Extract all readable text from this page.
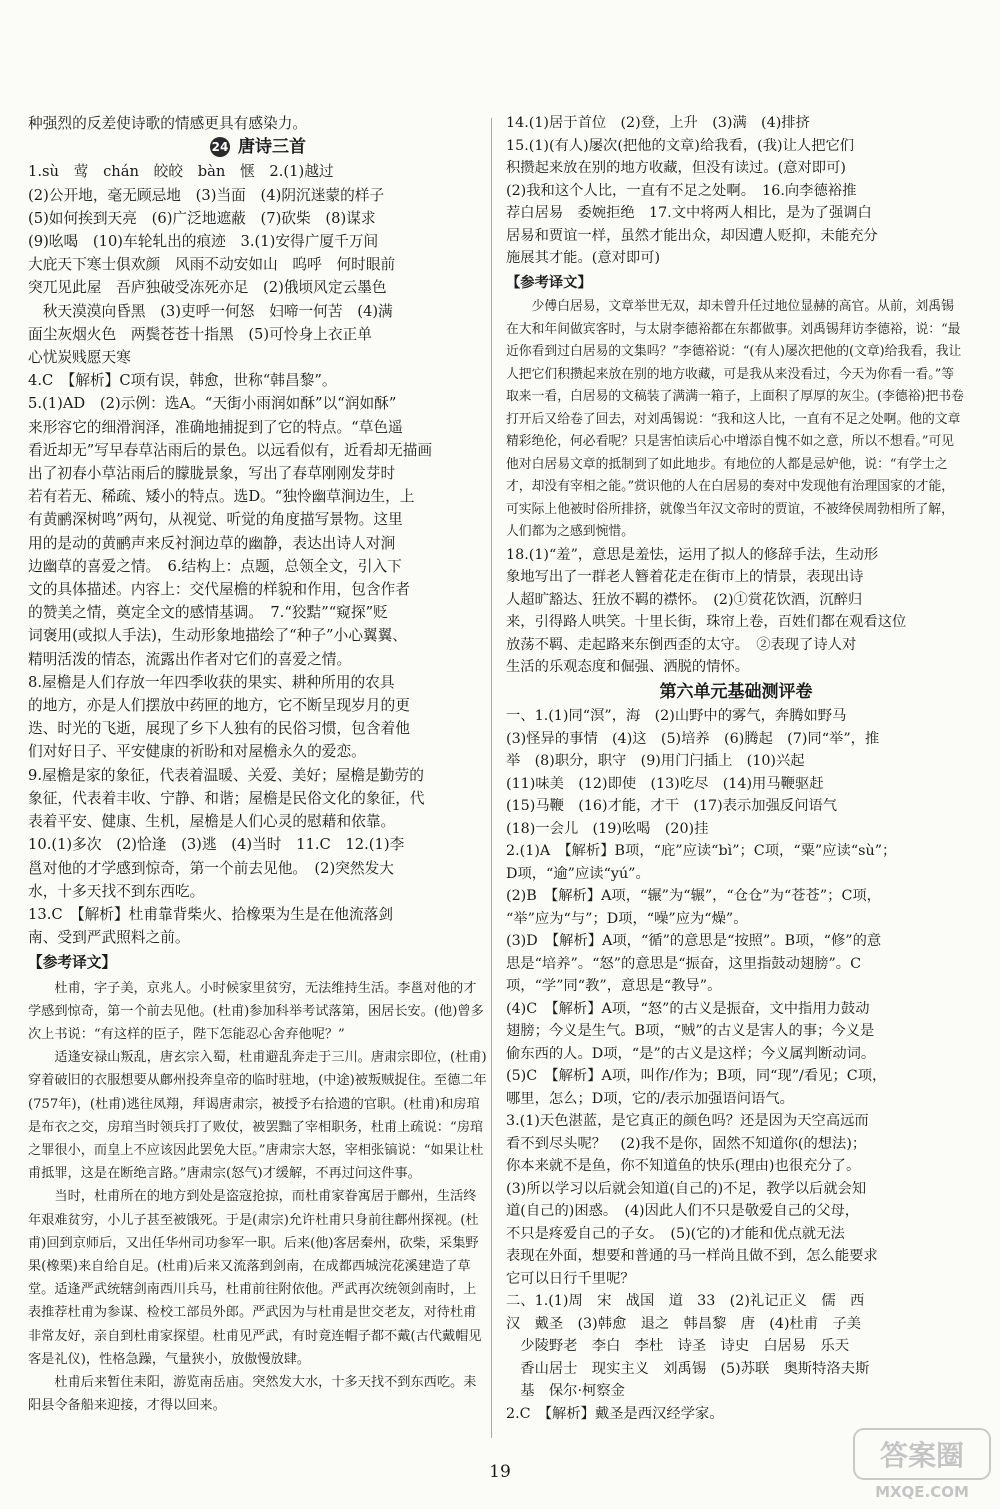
种强烈的反差使诗歌的情感更具有感染力。
24 唐诗三首
1.sù　莺　chán　皎皎　bàn　惬　2.(1)越过
(2)公开地，毫无顾忌地　(3)当面　(4)阴沉迷蒙的样子
(5)如何挨到天亮　(6)广泛地遮蔽　(7)砍柴　(8)谋求
(9)吆喝　(10)车轮轧出的痕迹　3.(1)安得广厦千万间
大庇天下寒士俱欢颜　风雨不动安如山　呜呼　何时眼前
突兀见此屋　吾庐独破受冻死亦足　(2)俄顷风定云墨色
　秋天漠漠向昏黑　(3)吏呼一何怒　妇啼一何苦　(4)满
面尘灰烟火色　两鬓苍苍十指黑　(5)可怜身上衣正单
心忧炭贱愿天寒
4.C　【解析】C项有误，韩愈，世称“韩昌黎”。
5.(1)AD　(2)示例：选A。“天街小雨润如酥”以“润如酥”
来形容它的细滑润泽，准确地捕捉到了它的特点。“草色遥
看近却无”写早春草沾雨后的景色。以远看似有，近看却无描画
出了初春小草沾雨后的朦胧景象，写出了春草刚刚发芽时
若有若无、稀疏、矮小的特点。选D。“独怜幽草涧边生，上
有黄鹂深树鸣”两句，从视觉、听觉的角度描写景物。这里
用的是动的黄鹂声来反衬涧边草的幽静，表达出诗人对涧
边幽草的喜爱之情。　6.结构上：点题，总领全文，引入下
文的具体描述。内容上：交代屋檐的样貌和作用，包含作者
的赞美之情，奠定全文的感情基调。　7.“狡黠”“窥探”贬
词褒用(或拟人手法)，生动形象地描绘了“种子”小心翼翼、
精明活泼的情态，流露出作者对它们的喜爱之情。
8.屋檐是人们存放一年四季收获的果实、耕种所用的农具
的地方，亦是人们摆放中药匣的地方，它不断呈现岁月的更
迭、时光的飞逝，展现了乡下人独有的民俗习惯，包含着他
们对好日子、平安健康的祈盼和对屋檐永久的爱恋。
9.屋檐是家的象征，代表着温暖、关爱、美好；屋檐是勤劳的
象征，代表着丰收、宁静、和谐；屋檐是民俗文化的象征，代
表着平安、健康、生机，屋檐是人们心灵的慰藉和依靠。
10.(1)多次　(2)恰逢　(3)逃　(4)当时　11.C　12.(1)李
邕对他的才学感到惊奇，第一个前去见他。　(2)突然发大
水，十多天找不到东西吃。
13.C　【解析】杜甫靠背柴火、拾橡栗为生是在他流落剑
南、受到严武照料之前。
【参考译文】
杜甫，字子美，京兆人。小时候家里贫穷，无法维持生活。李邕对他的才学感到惊奇，第一个前去见他。(杜甫)参加科举考试落第，困居长安。(他)曾多次上书说：“有这样的臣子，陛下怎能忍心舍弃他呢？”
适逢安禄山叛乱，唐玄宗入蜀，杜甫避乱奔走于三川。唐肃宗即位，(杜甫)穿着破旧的衣服想要从鄜州投奔皇帝的临时驻地，(中途)被叛贼捉住。至德二年(757年)，(杜甫)逃往凤翔，拜谒唐肃宗，被授予右拾遗的官职。(杜甫)和房琯是布衣之交，房琯当时领兵打了败仗，被罢黜了宰相职务，杜甫上疏说：“房琯之罪很小，而皇上不应该因此罢免大臣。”唐肃宗大怒，宰相张镐说：“如果让杜甫抵罪，这是在断绝言路。”唐肃宗(怒气)才缓解，不再过问这件事。
当时，杜甫所在的地方到处是盗寇抢掠，而杜甫家眷寓居于鄜州，生活终年艰难贫穷，小儿子甚至被饿死。于是(肃宗)允许杜甫只身前往鄜州探视。(杜甫)回到京师后，又出任华州司功参军一职。后来(他)客居秦州，砍柴，采集野果(橡栗)来自给自足。(杜甫)后来又流落到剑南，在成都西城浣花溪建造了草堂。适逢严武统辖剑南西川兵马，杜甫前往附依他。严武再次统领剑南时，上表推荐杜甫为参谋、检校工部员外郎。严武因为与杜甫是世交老友，对待杜甫非常友好，亲自到杜甫家探望。杜甫见严武，有时竟连帽子都不戴(古代戴帽见客是礼仪)，性格急躁，气量狭小，放傲慢放肆。
杜甫后来暂住耒阳，游览南岳庙。突然发大水，十多天找不到东西吃。耒阳县令备船来迎接，才得以回来。
14.(1)居于首位　(2)登，上升　(3)满　(4)排挤
15.(1)(有人)屡次(把他的文章)给我看，(我)让人把它们
积攒起来放在别的地方收藏，但没有读过。(意对即可)
(2)我和这个人比，一直有不足之处啊。　16.向李德裕推
荐白居易　委婉拒绝　17.文中将两人相比，是为了强调白
居易和贾谊一样，虽然才能出众，却因遭人贬抑，未能充分
施展其才能。(意对即可)
【参考译文】
少傅白居易，文章举世无双，却未曾升任过地位显赫的高官。从前，刘禹锡在大和年间做宾客时，与太尉李德裕都在东都做事。刘禹锡拜访李德裕，说：“最近你看到过白居易的文集吗？”李德裕说：“(有人)屡次把他的(文章)给我看，我让人把它们积攒起来放在别的地方收藏，可是我从来没看过，今天为你看一看。”等取来一看，白居易的文稿装了满满一箱子，上面积了厚厚的灰尘。(李德裕)把书卷打开后又给卷了回去，对刘禹锡说：“我和这人比，一直有不足之处啊。他的文章精彩绝伦，何必看呢？只是害怕读后心中增添自愧不如之意，所以不想看。”可见他对白居易文章的抵制到了如此地步。有地位的人都是忌妒他，说：“有学士之才，却没有宰相之能。”赏识他的人在白居易的奏对中发现他有治理国家的才能，可实际上他被时俗所排挤，就像当年汉文帝时的贾谊，不被绛侯周勃相所了解，人们都为之感到惋惜。
18.(1)“羞”，意思是羞怯，运用了拟人的修辞手法，生动形
象地写出了一群老人簪着花走在街市上的情景，表现出诗
人超旷豁达、狂放不羁的襟怀。　(2)①赏花饮酒，沉醉归
来，引得路人哄笑。十里长街，珠帘上卷，百姓们都在观看这位
放荡不羁、走起路来东倒西歪的太守。　②表现了诗人对
生活的乐观态度和倔强、洒脱的情怀。
第六单元基础测评卷
一、1.(1)同“溟”，海　(2)山野中的雾气，奔腾如野马
(3)怪异的事情　(4)这　(5)培养　(6)腾起　(7)同“举”，推
举　(8)职分，职守　(9)用门闩插上　(10)兴起
(11)味美　(12)即使　(13)吃尽　(14)用马鞭驱赶
(15)马鞭　(16)才能，才干　(17)表示加强反问语气
(18)一会儿　(19)吆喝　(20)挂
2.(1)A　【解析】B项，“庇”应读“bì”；C项，“粟”应读“sù”；
D项，“逾”应读“yú”。
(2)B　【解析】A项，“辗”为“辗”，“仓仓”为“苍苍”；C项，
“举”应为“与”；D项，“噪”应为“燥”。
(3)D　【解析】A项，“循”的意思是“按照”。B项，“修”的意
思是“培养”。“怒”的意思是“振奋，这里指鼓动翅膀”。C
项，“学”同“教”，意思是“教导”。
(4)C　【解析】A项，“怒”的古义是振奋，文中指用力鼓动
翅膀；今义是生气。B项，“贼”的古义是害人的事；今义是
偷东西的人。D项，“是”的古义是这样；今义属判断动词。
(5)C　【解析】A项，叫作/作为；B项，同“现”/看见；C项，
哪里，怎么；D项，它的/表示加强语问语气。
3.(1)天色湛蓝，是它真正的颜色吗？还是因为天空高远而
看不到尽头呢？　(2)我不是你，固然不知道你(的想法)；
你本来就不是鱼，你不知道鱼的快乐(理由)也很充分了。
(3)所以学习以后就会知道(自己的)不足，教学以后就会知
道(自己的)困惑。　(4)因此人们不只是敬爱自己的父母，
不只是疼爱自己的子女。　(5)(它的)才能和优点就无法
表现在外面，想要和普通的马一样尚且做不到，怎么能要求
它可以日行千里呢？
二、1.(1)周　宋　战国　道　33　(2)礼记正义　儒　西
汉　戴圣　(3)韩愈　退之　韩昌黎　唐　(4)杜甫　子美
　少陵野老　李白　李杜　诗圣　诗史　白居易　乐天
　香山居士　现实主义　刘禹锡　(5)苏联　奥斯特洛夫斯
　基　保尔·柯察金
2.C　【解析】戴圣是西汉经学家。
19	答案圈
MXQE.COM
